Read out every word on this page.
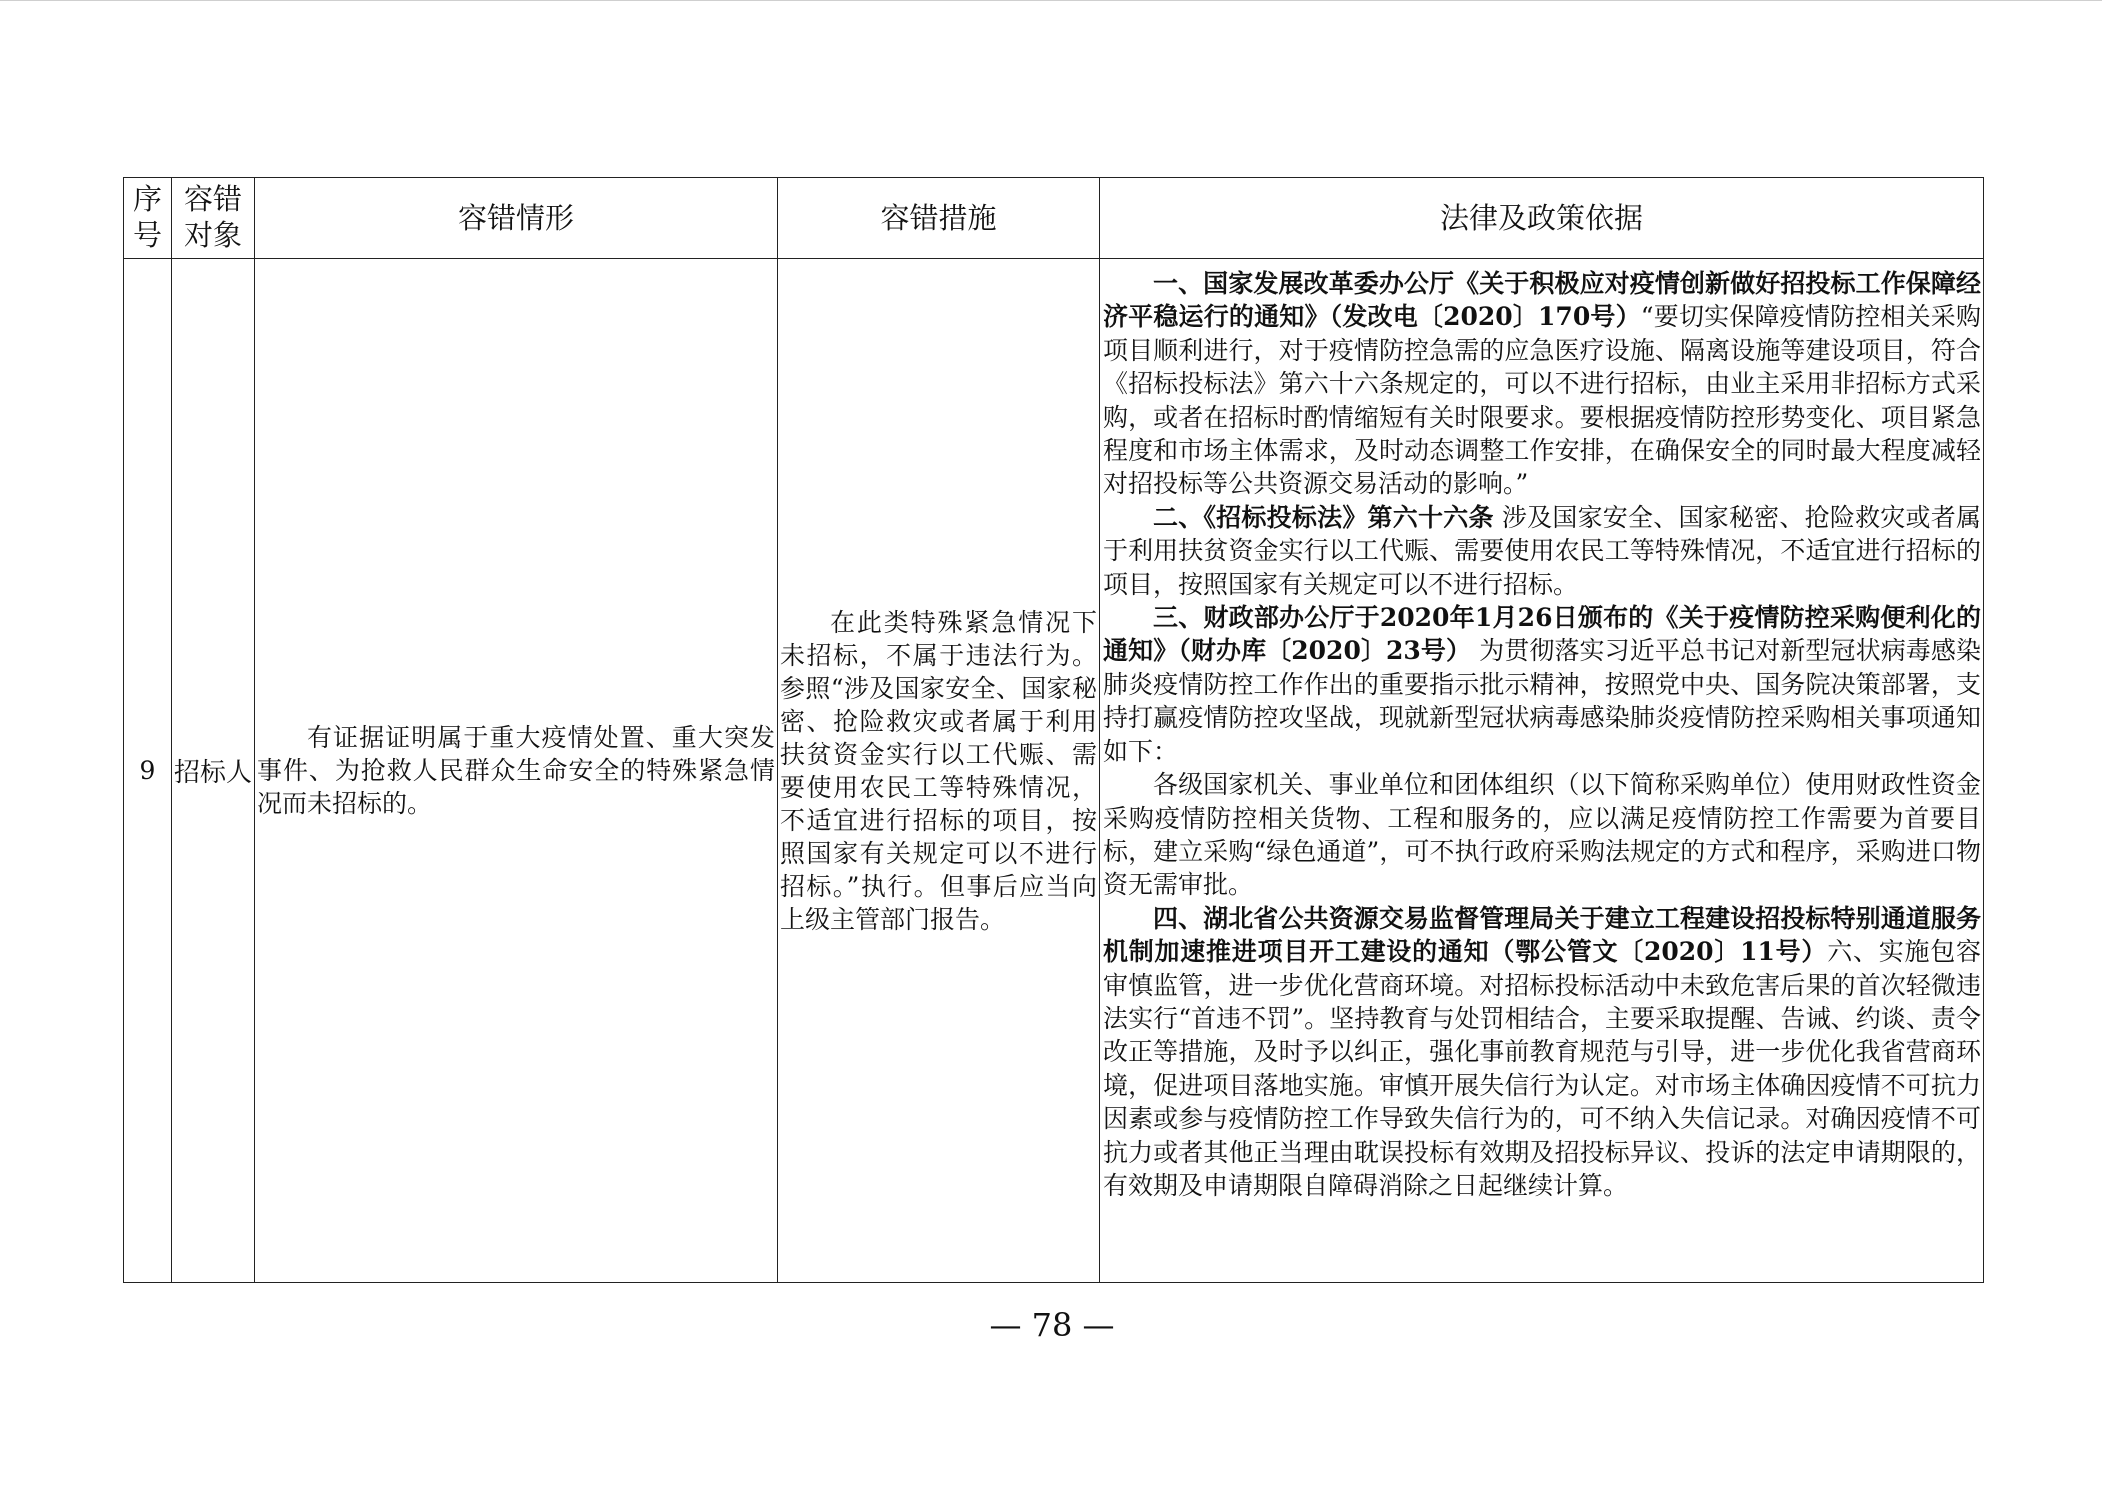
序号	容错对象	容错情形	容错措施	法律及政策依据
9	招标人	有证据证明属于重大疫情处置、重大突发事件、为抢救人民群众生命安全的特殊紧急情况而未招标的。	在此类特殊紧急情况下未招标，不属于违法行为。参照“涉及国家安全、国家秘密、抢险救灾或者属于利用扶贫资金实行以工代赈、需要使用农民工等特殊情况，不适宜进行招标的项目，按照国家有关规定可以不进行招标。”执行。但事后应当向上级主管部门报告。	一、国家发展改革委办公厅《关于积极应对疫情创新做好招投标工作保障经济平稳运行的通知》（发改电〔2020〕170号）“要切实保障疫情防控相关采购项目顺利进行，对于疫情防控急需的应急医疗设施、隔离设施等建设项目，符合《招标投标法》第六十六条规定的，可以不进行招标，由业主采用非招标方式采购，或者在招标时酌情缩短有关时限要求。要根据疫情防控形势变化、项目紧急程度和市场主体需求，及时动态调整工作安排，在确保安全的同时最大程度减轻对招投标等公共资源交易活动的影响。”

二、《招标投标法》第六十六条 涉及国家安全、国家秘密、抢险救灾或者属于利用扶贫资金实行以工代赈、需要使用农民工等特殊情况，不适宜进行招标的项目，按照国家有关规定可以不进行招标。

三、财政部办公厅于2020年1月26日颁布的《关于疫情防控采购便利化的通知》（财办库〔2020〕23号） 为贯彻落实习近平总书记对新型冠状病毒感染肺炎疫情防控工作作出的重要指示批示精神，按照党中央、国务院决策部署，支持打赢疫情防控攻坚战，现就新型冠状病毒感染肺炎疫情防控采购相关事项通知如下：

各级国家机关、事业单位和团体组织（以下简称采购单位）使用财政性资金采购疫情防控相关货物、工程和服务的，应以满足疫情防控工作需要为首要目标，建立采购“绿色通道”，可不执行政府采购法规定的方式和程序，采购进口物资无需审批。

四、湖北省公共资源交易监督管理局关于建立工程建设招投标特别通道服务机制加速推进项目开工建设的通知（鄂公管文〔2020〕11号）六、实施包容审慎监管，进一步优化营商环境。对招标投标活动中未致危害后果的首次轻微违法实行“首违不罚”。坚持教育与处罚相结合，主要采取提醒、告诫、约谈、责令改正等措施，及时予以纠正，强化事前教育规范与引导，进一步优化我省营商环境，促进项目落地实施。审慎开展失信行为认定。对市场主体确因疫情不可抗力因素或参与疫情防控工作导致失信行为的，可不纳入失信记录。对确因疫情不可抗力或者其他正当理由耽误投标有效期及招投标异议、投诉的法定申请期限的，有效期及申请期限自障碍消除之日起继续计算。

— 78 —
